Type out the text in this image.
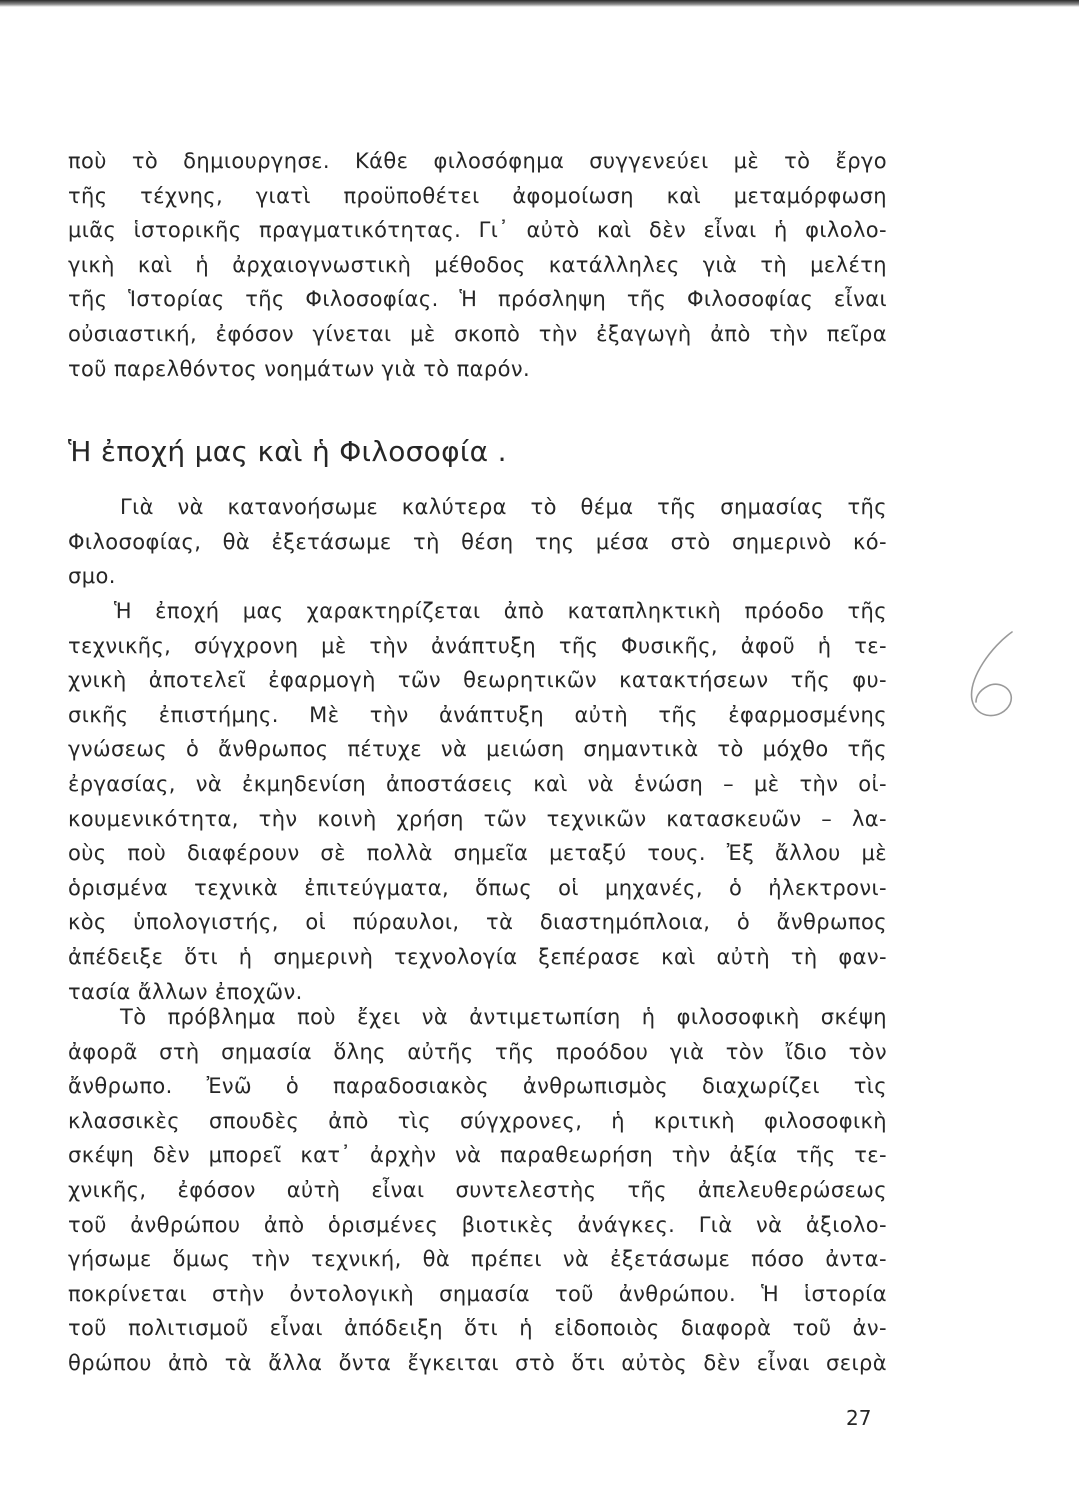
ποὺ τὸ δημιουργησε. Κάθε φιλοσόφημα συγγενεύει μὲ τὸ ἔργο
τῆς τέχνης, γιατὶ προϋποθέτει ἀφομοίωση καὶ μεταμόρφωση
μιᾶς ἱστορικῆς πραγματικότητας. Γι᾽ αὐτὸ καὶ δὲν εἶναι ἡ φιλολο-
γικὴ καὶ ἡ ἀρχαιογνωστικὴ μέθοδος κατάλληλες γιὰ τὴ μελέτη
τῆς Ἱστορίας τῆς Φιλοσοφίας. Ἡ πρόσληψη τῆς Φιλοσοφίας εἶναι
οὐσιαστική, ἐφόσον γίνεται μὲ σκοπὸ τὴν ἐξαγωγὴ ἀπὸ τὴν πεῖρα
τοῦ παρελθόντος νοημάτων γιὰ τὸ παρόν.
Ἡ ἐποχή μας καὶ ἡ Φιλοσοφία .
Γιὰ νὰ κατανοήσωμε καλύτερα τὸ θέμα τῆς σημασίας τῆς
Φιλοσοφίας, θὰ ἐξετάσωμε τὴ θέση της μέσα στὸ σημερινὸ κό-
σμο.
Ἡ ἐποχή μας χαρακτηρίζεται ἀπὸ καταπληκτικὴ πρόοδο τῆς
τεχνικῆς, σύγχρονη μὲ τὴν ἀνάπτυξη τῆς Φυσικῆς, ἀφοῦ ἡ τε-
χνικὴ ἀποτελεῖ ἐφαρμογὴ τῶν θεωρητικῶν κατακτήσεων τῆς φυ-
σικῆς ἐπιστήμης. Μὲ τὴν ἀνάπτυξη αὐτὴ τῆς ἐφαρμοσμένης
γνώσεως ὁ ἄνθρωπος πέτυχε νὰ μειώση σημαντικὰ τὸ μόχθο τῆς
ἐργασίας, νὰ ἐκμηδενίση ἀποστάσεις καὶ νὰ ἑνώση – μὲ τὴν οἰ-
κουμενικότητα, τὴν κοινὴ χρήση τῶν τεχνικῶν κατασκευῶν – λα-
οὺς ποὺ διαφέρουν σὲ πολλὰ σημεῖα μεταξύ τους. Ἐξ ἄλλου μὲ
ὁρισμένα τεχνικὰ ἐπιτεύγματα, ὅπως οἱ μηχανές, ὁ ἠλεκτρονι-
κὸς ὑπολογιστής, οἱ πύραυλοι, τὰ διαστημόπλοια, ὁ ἄνθρωπος
ἀπέδειξε ὅτι ἡ σημερινὴ τεχνολογία ξεπέρασε καὶ αὐτὴ τὴ φαν-
τασία ἄλλων ἐποχῶν.
Τὸ πρόβλημα ποὺ ἔχει νὰ ἀντιμετωπίση ἡ φιλοσοφικὴ σκέψη
ἀφορᾶ στὴ σημασία ὅλης αὐτῆς τῆς προόδου γιὰ τὸν ἴδιο τὸν
ἄνθρωπο. Ἐνῶ ὁ παραδοσιακὸς ἀνθρωπισμὸς διαχωρίζει τὶς
κλασσικὲς σπουδὲς ἀπὸ τὶς σύγχρονες, ἡ κριτικὴ φιλοσοφικὴ
σκέψη δὲν μπορεῖ κατ᾽ ἀρχὴν νὰ παραθεωρήση τὴν ἀξία τῆς τε-
χνικῆς, ἐφόσον αὐτὴ εἶναι συντελεστὴς τῆς ἀπελευθερώσεως
τοῦ ἀνθρώπου ἀπὸ ὁρισμένες βιοτικὲς ἀνάγκες. Γιὰ νὰ ἀξιολο-
γήσωμε ὅμως τὴν τεχνική, θὰ πρέπει νὰ ἐξετάσωμε πόσο ἀντα-
ποκρίνεται στὴν ὀντολογικὴ σημασία τοῦ ἀνθρώπου. Ἡ ἱστορία
τοῦ πολιτισμοῦ εἶναι ἀπόδειξη ὅτι ἡ εἰδοποιὸς διαφορὰ τοῦ ἀν-
θρώπου ἀπὸ τὰ ἄλλα ὄντα ἔγκειται στὸ ὅτι αὐτὸς δὲν εἶναι σειρὰ
27
